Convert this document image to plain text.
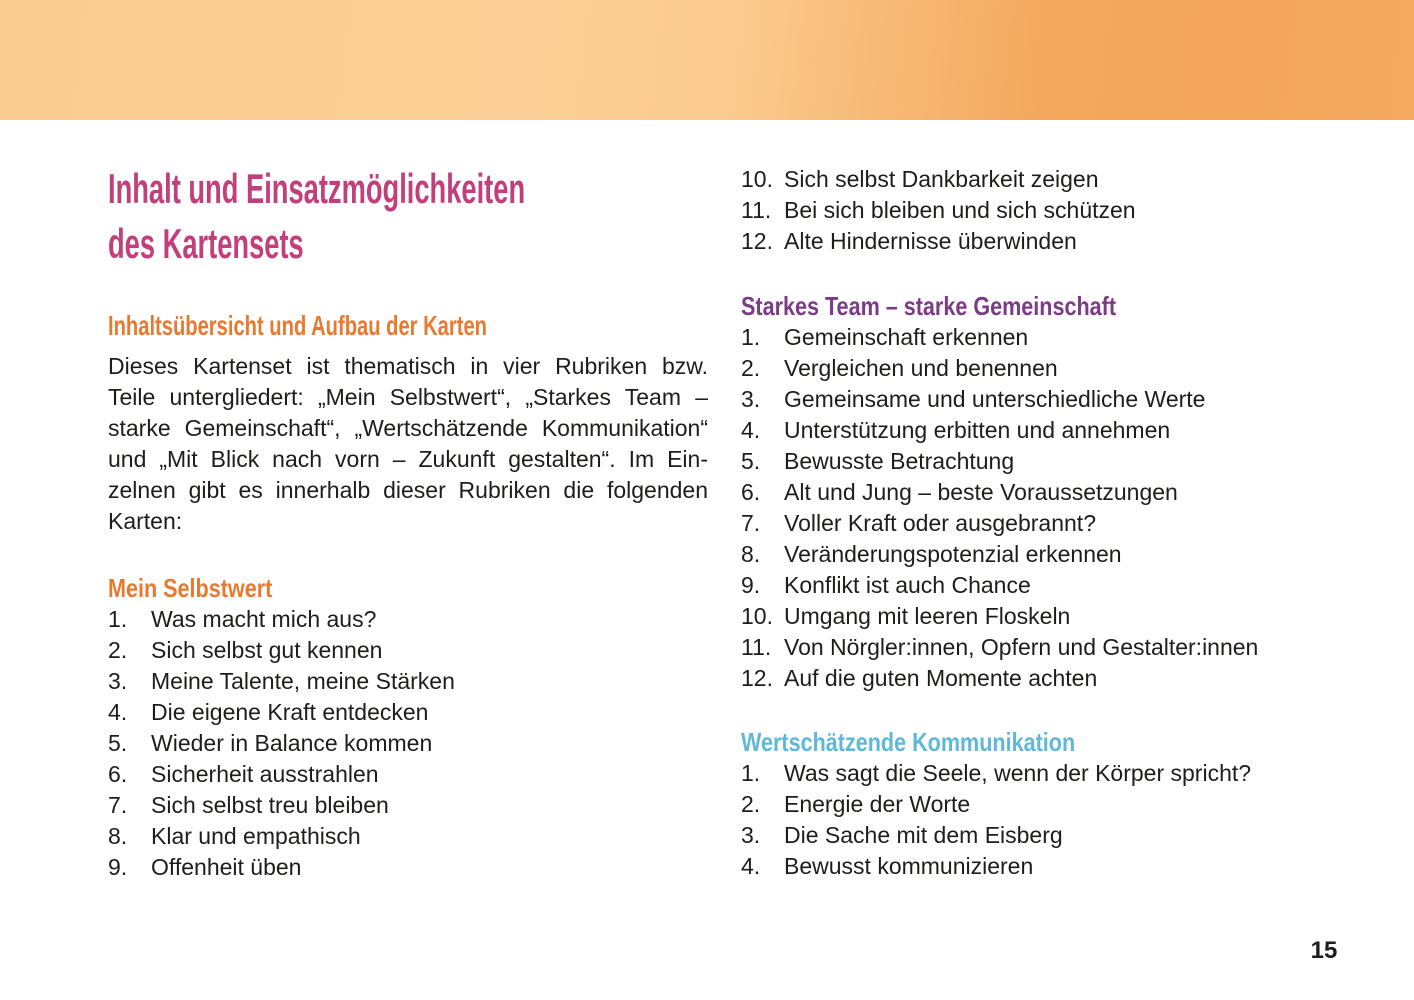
Inhalt und Einsatzmöglichkeiten
des Kartensets
Inhaltsübersicht und Aufbau der Karten
Dieses Kartenset ist thematisch in vier Rubriken bzw.
Teile untergliedert: „Mein Selbstwert“, „Starkes Team –
starke Gemeinschaft“, „Wertschätzende Kommunikation“
und „Mit Blick nach vorn – Zukunft gestalten“. Im Ein-
zelnen gibt es innerhalb dieser Rubriken die folgenden
Karten:
Mein Selbstwert
1.	Was macht mich aus?
2.	Sich selbst gut kennen
3.	Meine Talente, meine Stärken
4.	Die eigene Kraft entdecken
5.	Wieder in Balance kommen
6.	Sicherheit ausstrahlen
7.	Sich selbst treu bleiben
8.	Klar und empathisch
9.	Offenheit üben
10. Sich selbst Dankbarkeit zeigen
11. Bei sich bleiben und sich schützen
12. Alte Hindernisse überwinden
Starkes Team – starke Gemeinschaft
1.	Gemeinschaft erkennen
2.	Vergleichen und benennen
3.	Gemeinsame und unterschiedliche Werte
4.	Unterstützung erbitten und annehmen
5.	Bewusste Betrachtung
6.	Alt und Jung – beste Voraussetzungen
7.	Voller Kraft oder ausgebrannt?
8.	Veränderungspotenzial erkennen
9.	Konflikt ist auch Chance
10. Umgang mit leeren Floskeln
11. Von Nörgler:innen, Opfern und Gestalter:innen
12. Auf die guten Momente achten
Wertschätzende Kommunikation
1.	Was sagt die Seele, wenn der Körper spricht?
2.	Energie der Worte
3.	Die Sache mit dem Eisberg
4.	Bewusst kommunizieren
15
